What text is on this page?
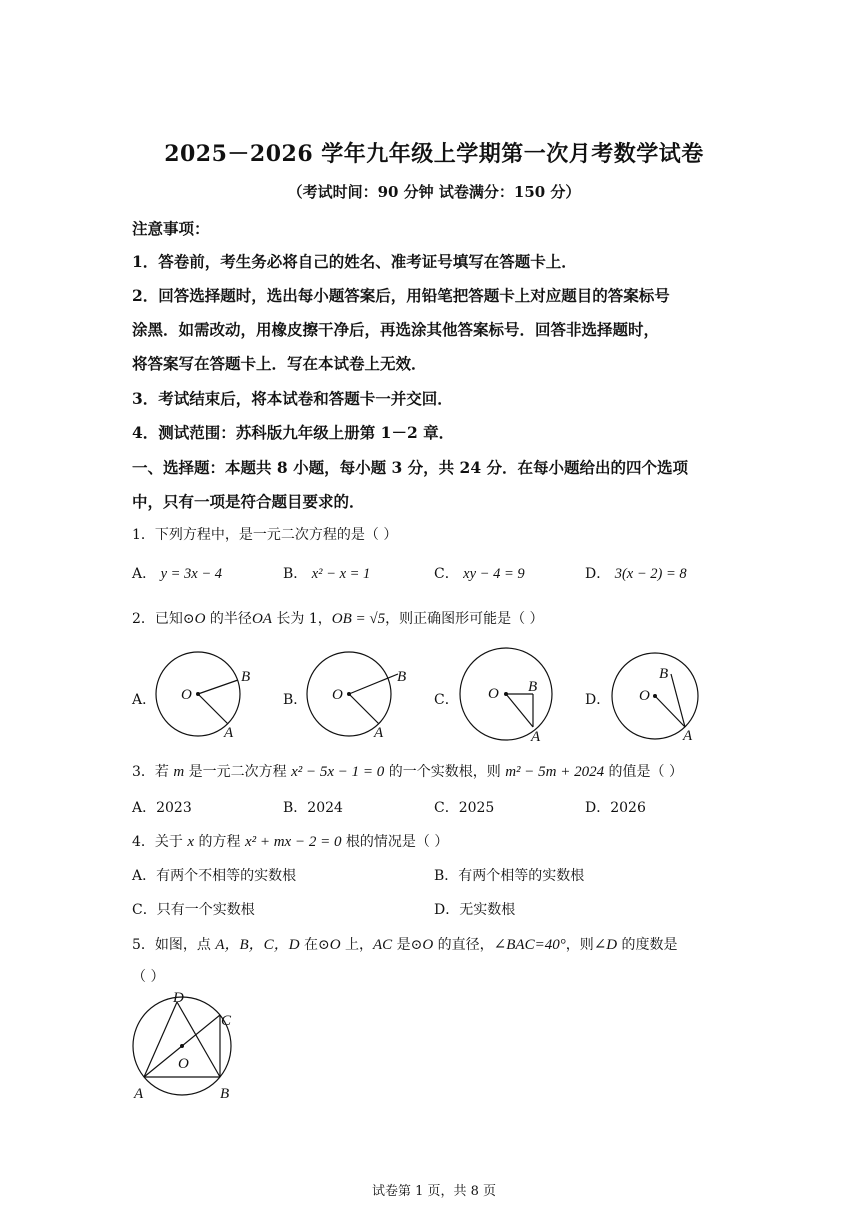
2025－2026 学年九年级上学期第一次月考数学试卷
（考试时间：90 分钟 试卷满分：150 分）
注意事项：
1．答卷前，考生务必将自己的姓名、准考证号填写在答题卡上．
2．回答选择题时，选出每小题答案后，用铅笔把答题卡上对应题目的答案标号
涂黑．如需改动，用橡皮擦干净后，再选涂其他答案标号．回答非选择题时，
将答案写在答题卡上．写在本试卷上无效．
3．考试结束后，将本试卷和答题卡一并交回．
4．测试范围：苏科版九年级上册第 1－2 章．
一、选择题：本题共 8 小题，每小题 3 分，共 24 分．在每小题给出的四个选项
中，只有一项是符合题目要求的．
1．下列方程中，是一元二次方程的是（ ）
A． y = 3x − 4	B． x² − x = 1	C． xy − 4 = 9	D． 3(x − 2) = 8
2．已知⊙O 的半径OA 长为 1，OB = √5，则正确图形可能是（ ）
A．	B．	C．	D．
O
B
A
O
B
A
O B
A
O
B
A
3．若 m 是一元二次方程 x² − 5x − 1 = 0 的一个实数根，则 m² − 5m + 2024 的值是（ ）
A．2023	B．2024	C．2025	D．2026
4．关于 x 的方程 x² + mx − 2 = 0 根的情况是（ ）
A．有两个不相等的实数根	B．有两个相等的实数根
C．只有一个实数根	D．无实数根
5．如图，点 A，B，C，D 在⊙O 上，AC 是⊙O 的直径，∠BAC=40°，则∠D 的度数是
（ ）
D
C
O
A	B
试卷第 1 页，共 8 页
